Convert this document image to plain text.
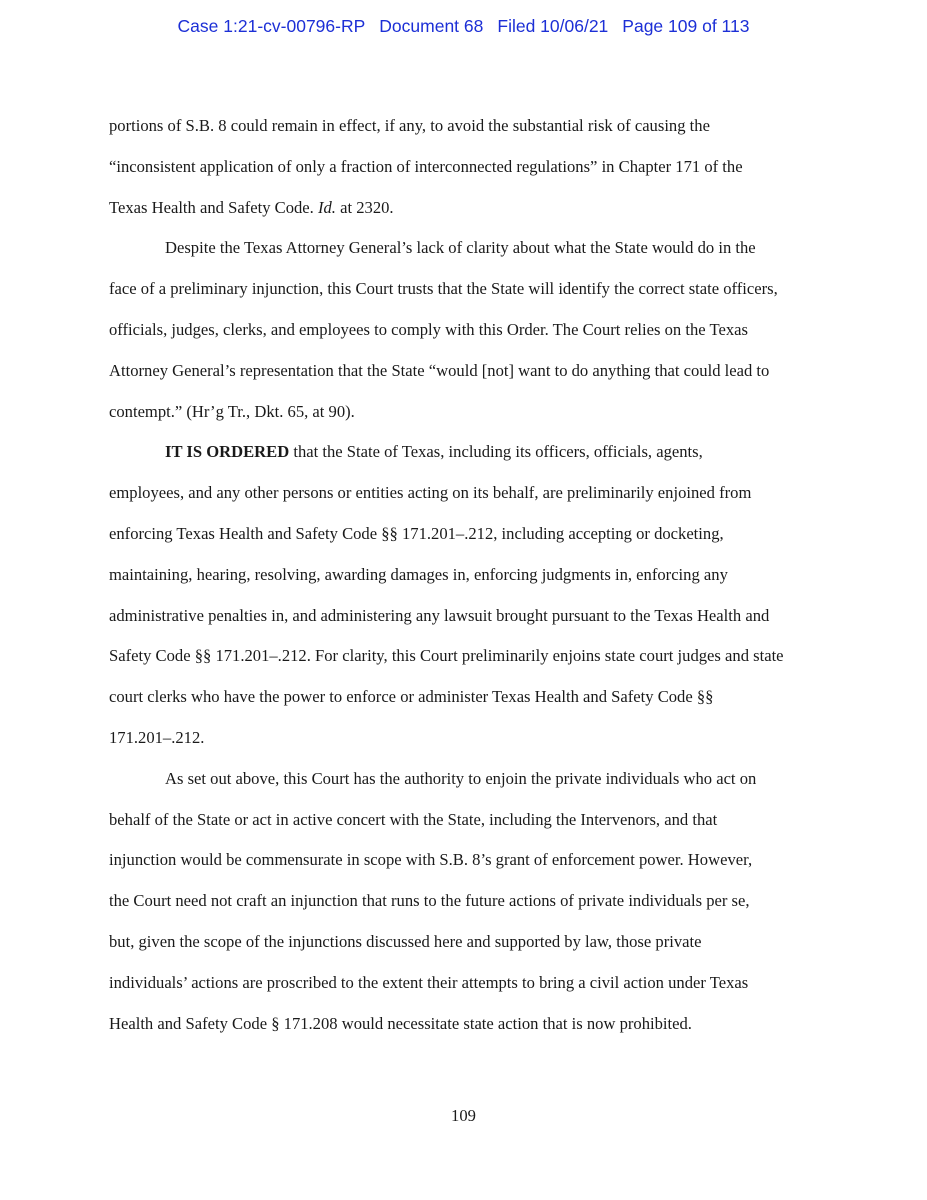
Case 1:21-cv-00796-RP Document 68 Filed 10/06/21 Page 109 of 113
portions of S.B. 8 could remain in effect, if any, to avoid the substantial risk of causing the
“inconsistent application of only a fraction of interconnected regulations” in Chapter 171 of the
Texas Health and Safety Code. Id. at 2320.
Despite the Texas Attorney General’s lack of clarity about what the State would do in the
face of a preliminary injunction, this Court trusts that the State will identify the correct state officers,
officials, judges, clerks, and employees to comply with this Order. The Court relies on the Texas
Attorney General’s representation that the State “would [not] want to do anything that could lead to
contempt.” (Hr’g Tr., Dkt. 65, at 90).
IT IS ORDERED that the State of Texas, including its officers, officials, agents,
employees, and any other persons or entities acting on its behalf, are preliminarily enjoined from
enforcing Texas Health and Safety Code §§ 171.201–.212, including accepting or docketing,
maintaining, hearing, resolving, awarding damages in, enforcing judgments in, enforcing any
administrative penalties in, and administering any lawsuit brought pursuant to the Texas Health and
Safety Code §§ 171.201–.212. For clarity, this Court preliminarily enjoins state court judges and state
court clerks who have the power to enforce or administer Texas Health and Safety Code §§
171.201–.212.
As set out above, this Court has the authority to enjoin the private individuals who act on
behalf of the State or act in active concert with the State, including the Intervenors, and that
injunction would be commensurate in scope with S.B. 8’s grant of enforcement power. However,
the Court need not craft an injunction that runs to the future actions of private individuals per se,
but, given the scope of the injunctions discussed here and supported by law, those private
individuals’ actions are proscribed to the extent their attempts to bring a civil action under Texas
Health and Safety Code § 171.208 would necessitate state action that is now prohibited.
109
